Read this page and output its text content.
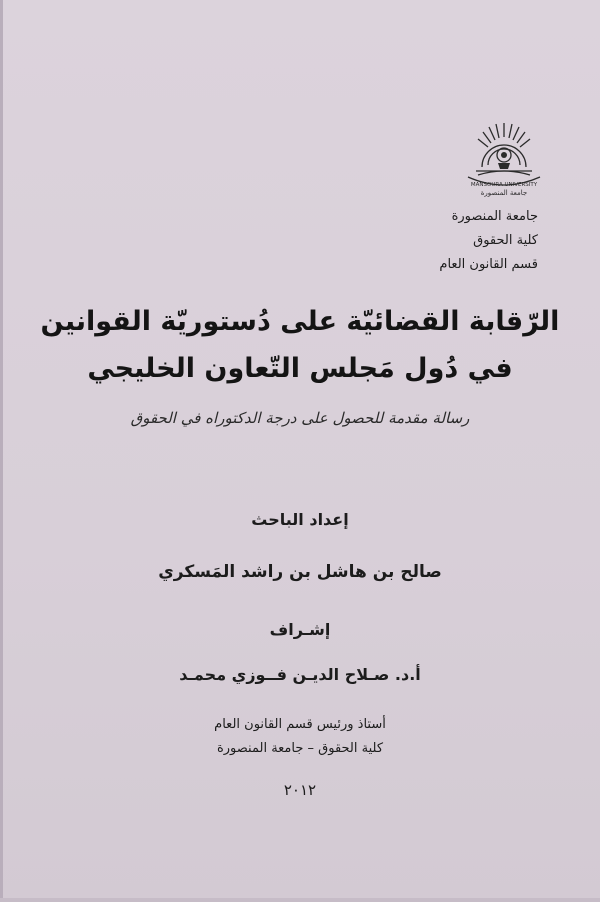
MANSOURA UNIVERSITY
جامعة المنصورة
جامعة المنصورة
كلية الحقوق
قسم القانون العام
الرّقابة القضائيّة على دُستوريّة القوانين
في دُول مَجلس التّعاون الخليجي
رسالة مقدمة للحصول على درجة الدكتوراه في الحقوق
إعداد الباحث
صالح بن هاشل بن راشد المَسكري
إشـراف
أ.د. صـلاح الديـن فــوزي محمـد
أستاذ ورئيس قسم القانون العام
كلية الحقوق – جامعة المنصورة
٢٠١٢
